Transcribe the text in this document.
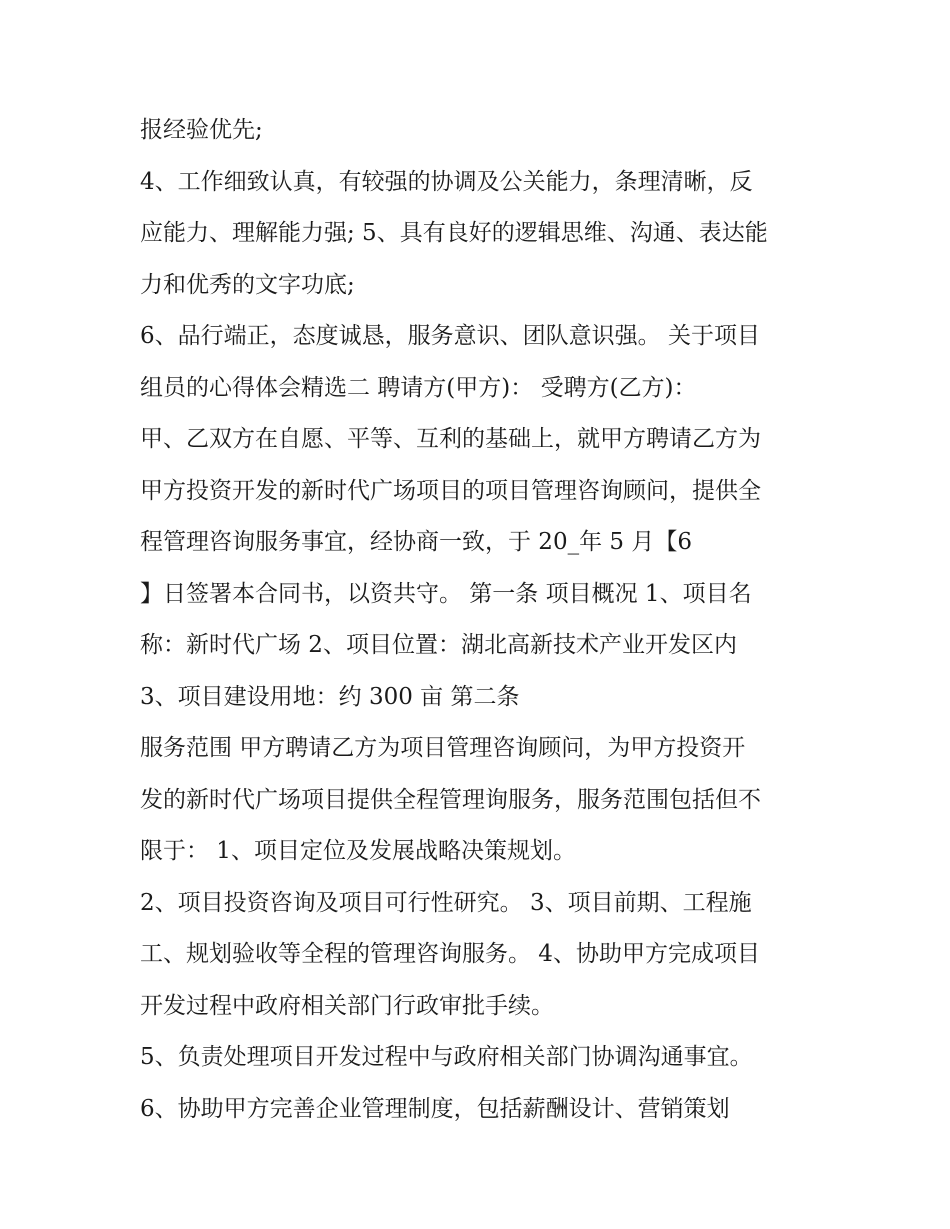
报经验优先;
4、工作细致认真，有较强的协调及公关能力，条理清晰，反
应能力、理解能力强; 5、具有良好的逻辑思维、沟通、表达能
力和优秀的文字功底;
6、品行端正，态度诚恳，服务意识、团队意识强。 关于项目
组员的心得体会精选二 聘请方(甲方)： 受聘方(乙方)：
甲、乙双方在自愿、平等、互利的基础上，就甲方聘请乙方为
甲方投资开发的新时代广场项目的项目管理咨询顾问，提供全
程管理咨询服务事宜，经协商一致，于 20_年 5 月【6
】日签署本合同书，以资共守。 第一条 项目概况 1、项目名
称：新时代广场 2、项目位置：湖北高新技术产业开发区内
3、项目建设用地：约 300 亩 第二条
服务范围 甲方聘请乙方为项目管理咨询顾问，为甲方投资开
发的新时代广场项目提供全程管理询服务，服务范围包括但不
限于： 1、项目定位及发展战略决策规划。
2、项目投资咨询及项目可行性研究。 3、项目前期、工程施
工、规划验收等全程的管理咨询服务。 4、协助甲方完成项目
开发过程中政府相关部门行政审批手续。
5、负责处理项目开发过程中与政府相关部门协调沟通事宜。
6、协助甲方完善企业管理制度，包括薪酬设计、营销策划
